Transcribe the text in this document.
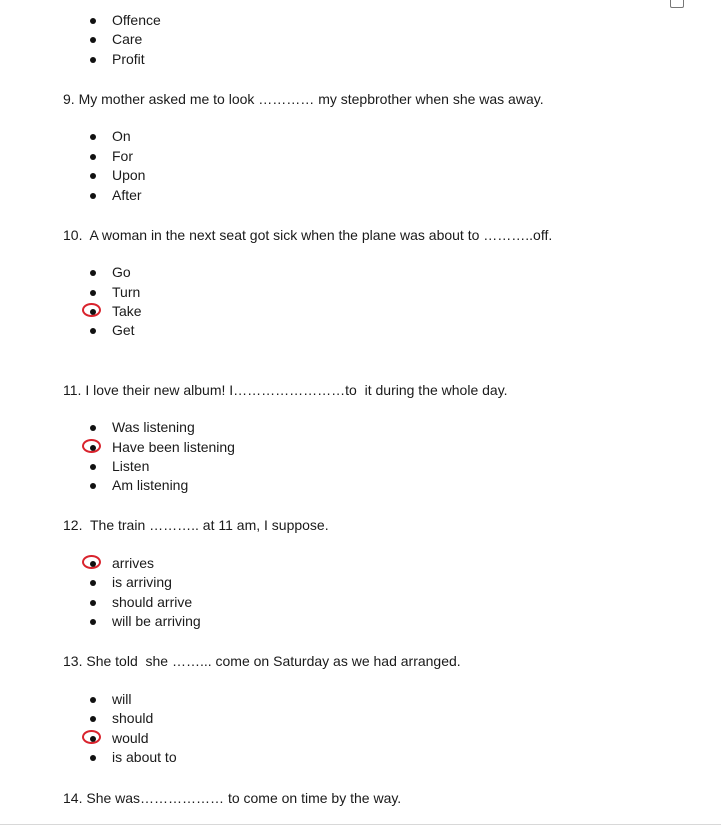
9. My mother asked me to look ………… my stepbrother when she was away.
10.  A woman in the next seat got sick when the plane was about to ………..off.
11. I love their new album! I……………………to  it during the whole day.
12.  The train ……….. at 11 am, I suppose.
13. She told  she ……... come on Saturday as we had arranged.
14. She was……………… to come on time by the way.
Offence
Care
Profit
On
For
Upon
After
Go
Turn
Take
Get
Was listening
Have been listening
Listen
Am listening
arrives
is arriving
should arrive
will be arriving
will
should
would
is about to
